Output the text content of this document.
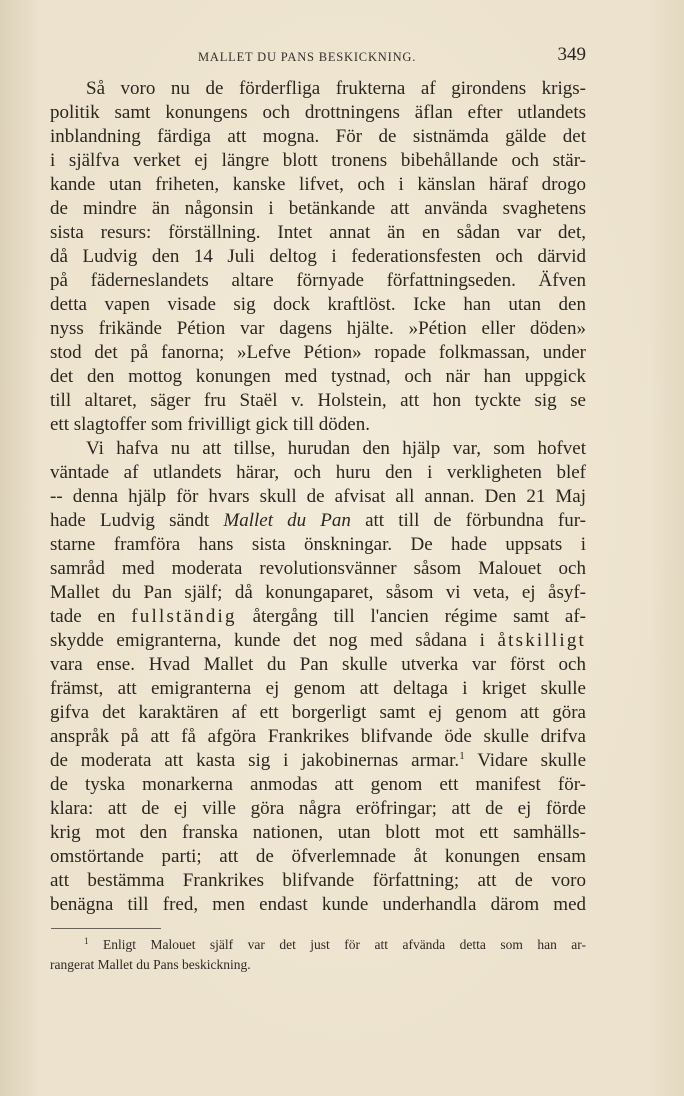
MALLET DU PANS BESKICKNING.	349
Så voro nu de förderfliga frukterna af girondens krigs-
politik samt konungens och drottningens äflan efter utlandets
inblandning färdiga att mogna. För de sistnämda gälde det
i själfva verket ej längre blott tronens bibehållande och stär-
kande utan friheten, kanske lifvet, och i känslan häraf drogo
de mindre än någonsin i betänkande att använda svaghetens
sista resurs: förställning. Intet annat än en sådan var det,
då Ludvig den 14 Juli deltog i federationsfesten och därvid
på fäderneslandets altare förnyade författningseden. Äfven
detta vapen visade sig dock kraftlöst. Icke han utan den
nyss frikände Pétion var dagens hjälte. »Pétion eller döden»
stod det på fanorna; »Lefve Pétion» ropade folkmassan, under
det den mottog konungen med tystnad, och när han uppgick
till altaret, säger fru Staël v. Holstein, att hon tyckte sig se
ett slagtoffer som frivilligt gick till döden.
Vi hafva nu att tillse, hurudan den hjälp var, som hofvet
väntade af utlandets härar, och huru den i verkligheten blef
-- denna hjälp för hvars skull de afvisat all annan. Den 21 Maj
hade Ludvig sändt Mallet du Pan att till de förbundna fur-
starne framföra hans sista önskningar. De hade uppsats i
samråd med moderata revolutionsvänner såsom Malouet och
Mallet du Pan själf; då konungaparet, såsom vi veta, ej åsyf-
tade en fullständig återgång till l'ancien régime samt af-
skydde emigranterna, kunde det nog med sådana i åtskilligt
vara ense. Hvad Mallet du Pan skulle utverka var först och
främst, att emigranterna ej genom att deltaga i kriget skulle
gifva det karaktären af ett borgerligt samt ej genom att göra
anspråk på att få afgöra Frankrikes blifvande öde skulle drifva
de moderata att kasta sig i jakobinernas armar.$^1$ Vidare skulle
de tyska monarkerna anmodas att genom ett manifest för-
klara: att de ej ville göra några eröfringar; att de ej förde
krig mot den franska nationen, utan blott mot ett samhälls-
omstörtande parti; att de öfverlemnade åt konungen ensam
att bestämma Frankrikes blifvande författning; att de voro
benägna till fred, men endast kunde underhandla därom med
$^1$ Enligt Malouet själf var det just för att afvända detta som han ar-
rangerat Mallet du Pans beskickning.
